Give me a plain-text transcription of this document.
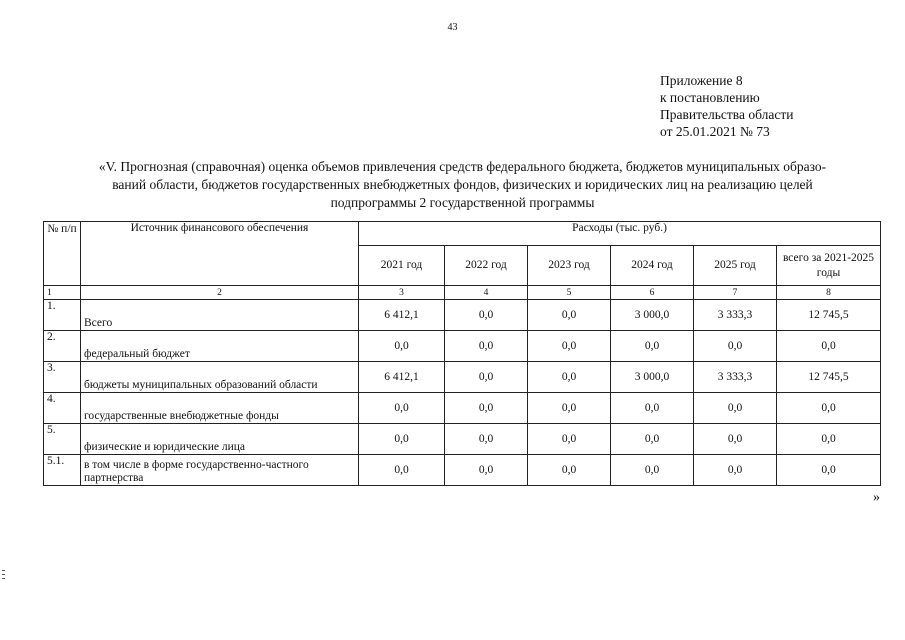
43
Приложение 8
к постановлению
Правительства области
от 25.01.2021 № 73
«V. Прогнозная (справочная) оценка объемов привлечения средств федерального бюджета, бюджетов муниципальных образо-
ваний области, бюджетов государственных внебюджетных фондов, физических и юридических лиц на реализацию целей
подпрограммы 2 государственной программы
№ п/п	Источник финансового обеспечения	Расходы (тыс. руб.)					
		2021 год	2022 год	2023 год	2024 год	2025 год	всего за 2021-2025 годы
1	2	3	4	5	6	7	8
1.	Всего	6 412,1	0,0	0,0	3 000,0	3 333,3	12 745,5
2.	федеральный бюджет	0,0	0,0	0,0	0,0	0,0	0,0
3.	бюджеты муниципальных образований области	6 412,1	0,0	0,0	3 000,0	3 333,3	12 745,5
4.	государственные внебюджетные фонды	0,0	0,0	0,0	0,0	0,0	0,0
5.	физические и юридические лица	0,0	0,0	0,0	0,0	0,0	0,0
5.1.	в том числе в форме государственно-частного партнерства	0,0	0,0	0,0	0,0	0,0	0,0
»
